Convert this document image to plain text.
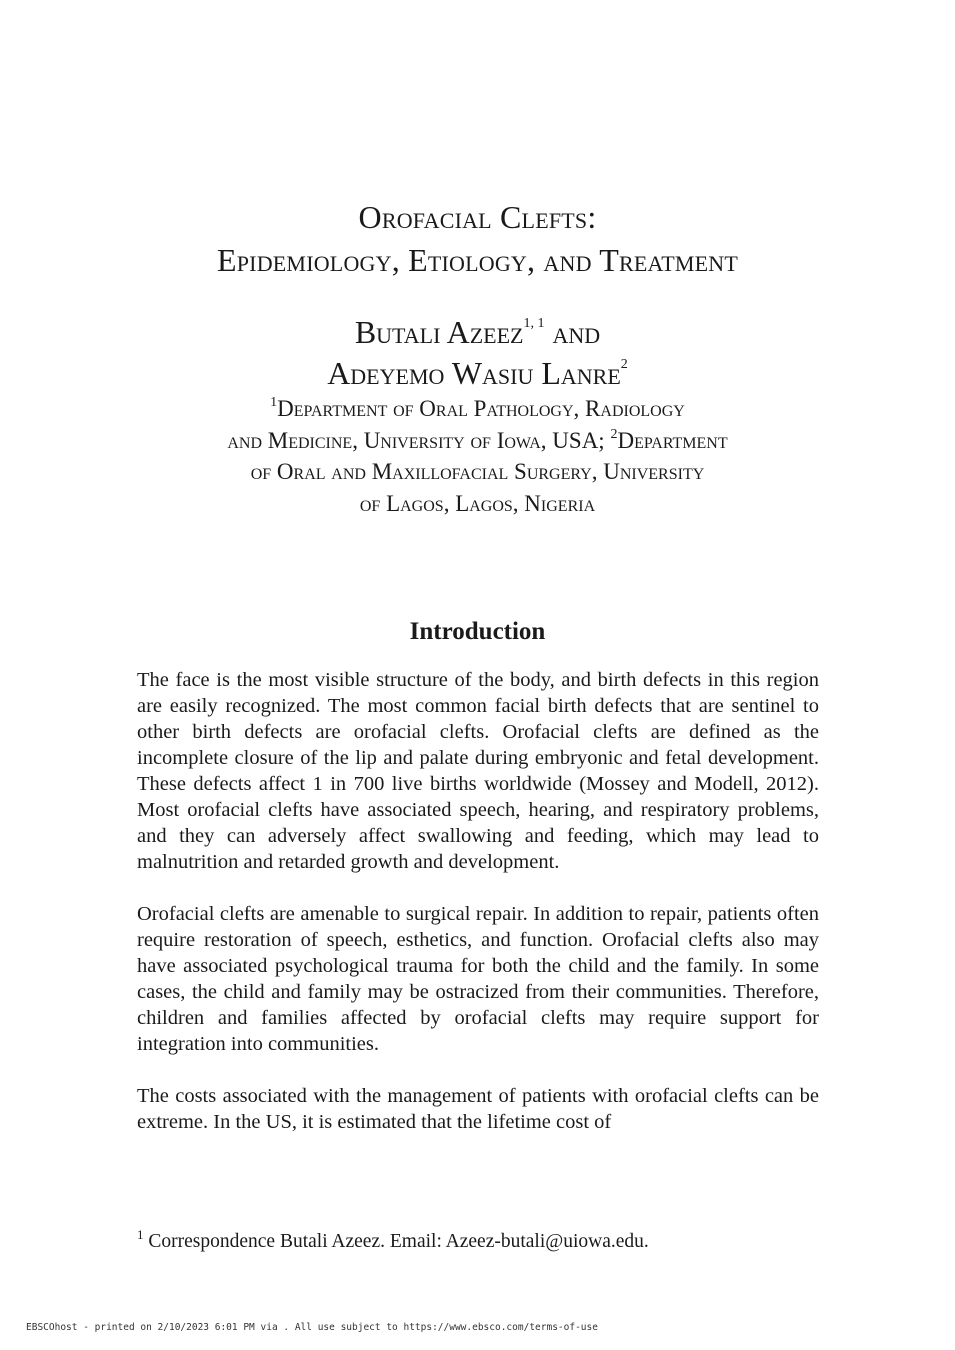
Orofacial Clefts:
Epidemiology, Etiology, and Treatment
Butali Azeez$^{1, 1}$ and
Adeyemo Wasiu Lanre$^2$
$^1$Department of Oral Pathology, Radiology
and Medicine, University of Iowa, USA; $^2$Department
of Oral and Maxillofacial Surgery, University
of Lagos, Lagos, Nigeria
Introduction

The face is the most visible structure of the body, and birth defects in this region are easily recognized. The most common facial birth defects that are sentinel to other birth defects are orofacial clefts. Orofacial clefts are defined as the incomplete closure of the lip and palate during embryonic and fetal development. These defects affect 1 in 700 live births worldwide (Mossey and Modell, 2012). Most orofacial clefts have associated speech, hearing, and respiratory problems, and they can adversely affect swallowing and feeding, which may lead to malnutrition and retarded growth and development.

Orofacial clefts are amenable to surgical repair. In addition to repair, patients often require restoration of speech, esthetics, and function. Orofacial clefts also may have associated psychological trauma for both the child and the family. In some cases, the child and family may be ostracized from their communities. Therefore, children and families affected by orofacial clefts may require support for integration into communities.

The costs associated with the management of patients with orofacial clefts can be extreme. In the US, it is estimated that the lifetime cost of

$^1$ Correspondence Butali Azeez. Email: Azeez-butali@uiowa.edu.
EBSCOhost - printed on 2/10/2023 6:01 PM via . All use subject to https://www.ebsco.com/terms-of-use
